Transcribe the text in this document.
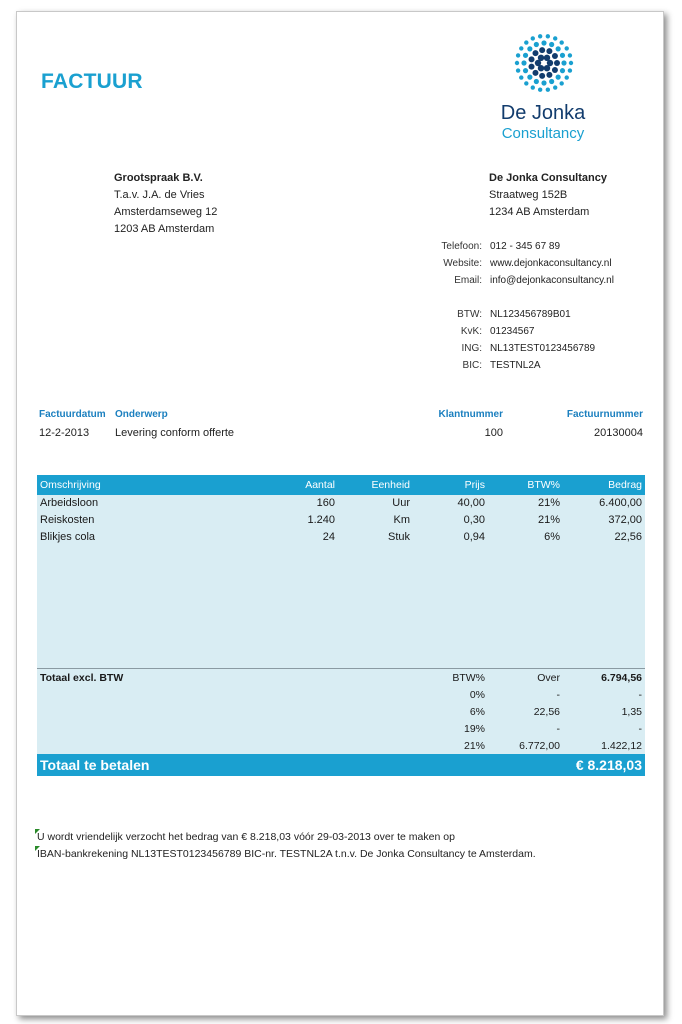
FACTUUR
De Jonka
Consultancy
Grootspraak B.V.
T.a.v. J.A. de Vries
Amsterdamseweg 12
1203 AB Amsterdam
De Jonka Consultancy
Straatweg 152B
1234 AB Amsterdam
Telefoon: 012 - 345 67 89
Website: www.dejonkaconsultancy.nl
Email: info@dejonkaconsultancy.nl
BTW: NL123456789B01
KvK: 01234567
ING: NL13TEST0123456789
BIC: TESTNL2A
Factuurdatum Onderwerp	Klantnummer	Factuurnummer
12-2-2013 Levering conform offerte	100	20130004
Omschrijving	Aantal	Eenheid	Prijs	BTW%	Bedrag
Arbeidsloon	160	Uur	40,00	21%	6.400,00
Reiskosten	1.240	Km	0,30	21%	372,00
Blikjes cola	24	Stuk	0,94	6%	22,56
Totaal excl. BTW	BTW%	Over	6.794,56
0%	-	-
6%	22,56	1,35
19%	-	-
21%	6.772,00	1.422,12
Totaal te betalen	€ 8.218,03
U wordt vriendelijk verzocht het bedrag van € 8.218,03 vóór 29-03-2013 over te maken op
IBAN-bankrekening NL13TEST0123456789 BIC-nr. TESTNL2A t.n.v. De Jonka Consultancy te Amsterdam.
